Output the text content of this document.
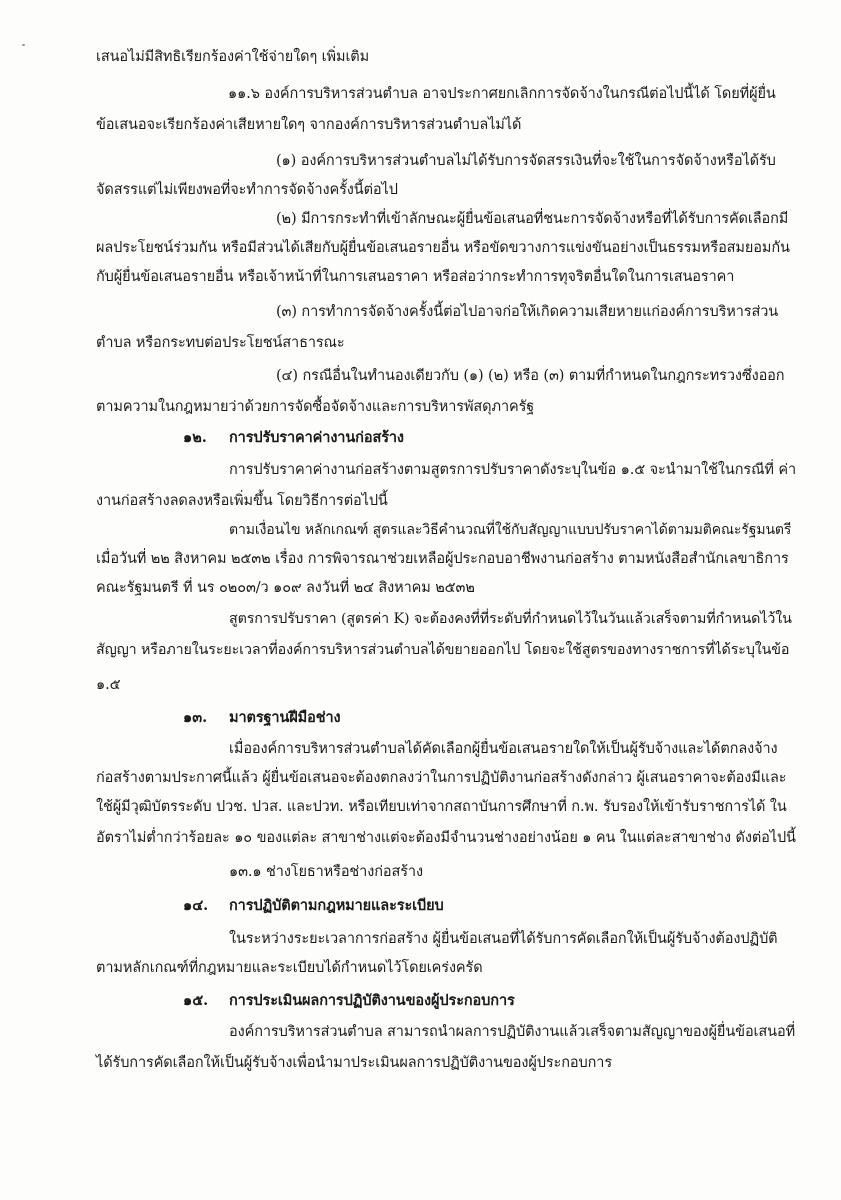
เสนอไม่มีสิทธิเรียกร้องค่าใช้จ่ายใดๆ เพิ่มเติม
๑๑.๖ องค์การบริหารส่วนตำบล อาจประกาศยกเลิกการจัดจ้างในกรณีต่อไปนี้ได้ โดยที่ผู้ยื่น
ข้อเสนอจะเรียกร้องค่าเสียหายใดๆ จากองค์การบริหารส่วนตำบลไม่ได้
(๑) องค์การบริหารส่วนตำบลไม่ได้รับการจัดสรรเงินที่จะใช้ในการจัดจ้างหรือได้รับ
จัดสรรแต่ไม่เพียงพอที่จะทำการจัดจ้างครั้งนี้ต่อไป
(๒) มีการกระทำที่เข้าลักษณะผู้ยื่นข้อเสนอที่ชนะการจัดจ้างหรือที่ได้รับการคัดเลือกมี
ผลประโยชน์ร่วมกัน หรือมีส่วนได้เสียกับผู้ยื่นข้อเสนอรายอื่น หรือขัดขวางการแข่งขันอย่างเป็นธรรมหรือสมยอมกัน
กับผู้ยื่นข้อเสนอรายอื่น หรือเจ้าหน้าที่ในการเสนอราคา หรือส่อว่ากระทำการทุจริตอื่นใดในการเสนอราคา
(๓) การทำการจัดจ้างครั้งนี้ต่อไปอาจก่อให้เกิดความเสียหายแก่องค์การบริหารส่วน
ตำบล หรือกระทบต่อประโยชน์สาธารณะ
(๔) กรณีอื่นในทำนองเดียวกับ (๑) (๒) หรือ (๓) ตามที่กำหนดในกฎกระทรวงซึ่งออก
ตามความในกฎหมายว่าด้วยการจัดซื้อจัดจ้างและการบริหารพัสดุภาครัฐ
๑๒. การปรับราคาค่างานก่อสร้าง
การปรับราคาค่างานก่อสร้างตามสูตรการปรับราคาดังระบุในข้อ ๑.๕ จะนำมาใช้ในกรณีที่ ค่า
งานก่อสร้างลดลงหรือเพิ่มขึ้น โดยวิธีการต่อไปนี้
ตามเงื่อนไข หลักเกณฑ์ สูตรและวิธีคำนวณที่ใช้กับสัญญาแบบปรับราคาได้ตามมติคณะรัฐมนตรี
เมื่อวันที่ ๒๒ สิงหาคม ๒๕๓๒ เรื่อง การพิจารณาช่วยเหลือผู้ประกอบอาชีพงานก่อสร้าง ตามหนังสือสำนักเลขาธิการ
คณะรัฐมนตรี ที่ นร ๐๒๐๓/ว ๑๐๙ ลงวันที่ ๒๔ สิงหาคม ๒๕๓๒
สูตรการปรับราคา (สูตรค่า K) จะต้องคงที่ที่ระดับที่กำหนดไว้ในวันแล้วเสร็จตามที่กำหนดไว้ใน
สัญญา หรือภายในระยะเวลาที่องค์การบริหารส่วนตำบลได้ขยายออกไป โดยจะใช้สูตรของทางราชการที่ได้ระบุในข้อ
๑.๕
๑๓. มาตรฐานฝีมือช่าง
เมื่อองค์การบริหารส่วนตำบลได้คัดเลือกผู้ยื่นข้อเสนอรายใดให้เป็นผู้รับจ้างและได้ตกลงจ้าง
ก่อสร้างตามประกาศนี้แล้ว ผู้ยื่นข้อเสนอจะต้องตกลงว่าในการปฏิบัติงานก่อสร้างดังกล่าว ผู้เสนอราคาจะต้องมีและ
ใช้ผู้มีวุฒิบัตรระดับ ปวช. ปวส. และปวท. หรือเทียบเท่าจากสถาบันการศึกษาที่ ก.พ. รับรองให้เข้ารับราชการได้ ใน
อัตราไม่ต่ำกว่าร้อยละ ๑๐ ของแต่ละ สาขาช่างแต่จะต้องมีจำนวนช่างอย่างน้อย ๑ คน ในแต่ละสาขาช่าง ดังต่อไปนี้
๑๓.๑ ช่างโยธาหรือช่างก่อสร้าง
๑๔. การปฏิบัติตามกฎหมายและระเบียบ
ในระหว่างระยะเวลาการก่อสร้าง ผู้ยื่นข้อเสนอที่ได้รับการคัดเลือกให้เป็นผู้รับจ้างต้องปฏิบัติ
ตามหลักเกณฑ์ที่กฎหมายและระเบียบได้กำหนดไว้โดยเคร่งครัด
๑๕. การประเมินผลการปฏิบัติงานของผู้ประกอบการ
องค์การบริหารส่วนตำบล สามารถนำผลการปฏิบัติงานแล้วเสร็จตามสัญญาของผู้ยื่นข้อเสนอที่
ได้รับการคัดเลือกให้เป็นผู้รับจ้างเพื่อนำมาประเมินผลการปฏิบัติงานของผู้ประกอบการ
